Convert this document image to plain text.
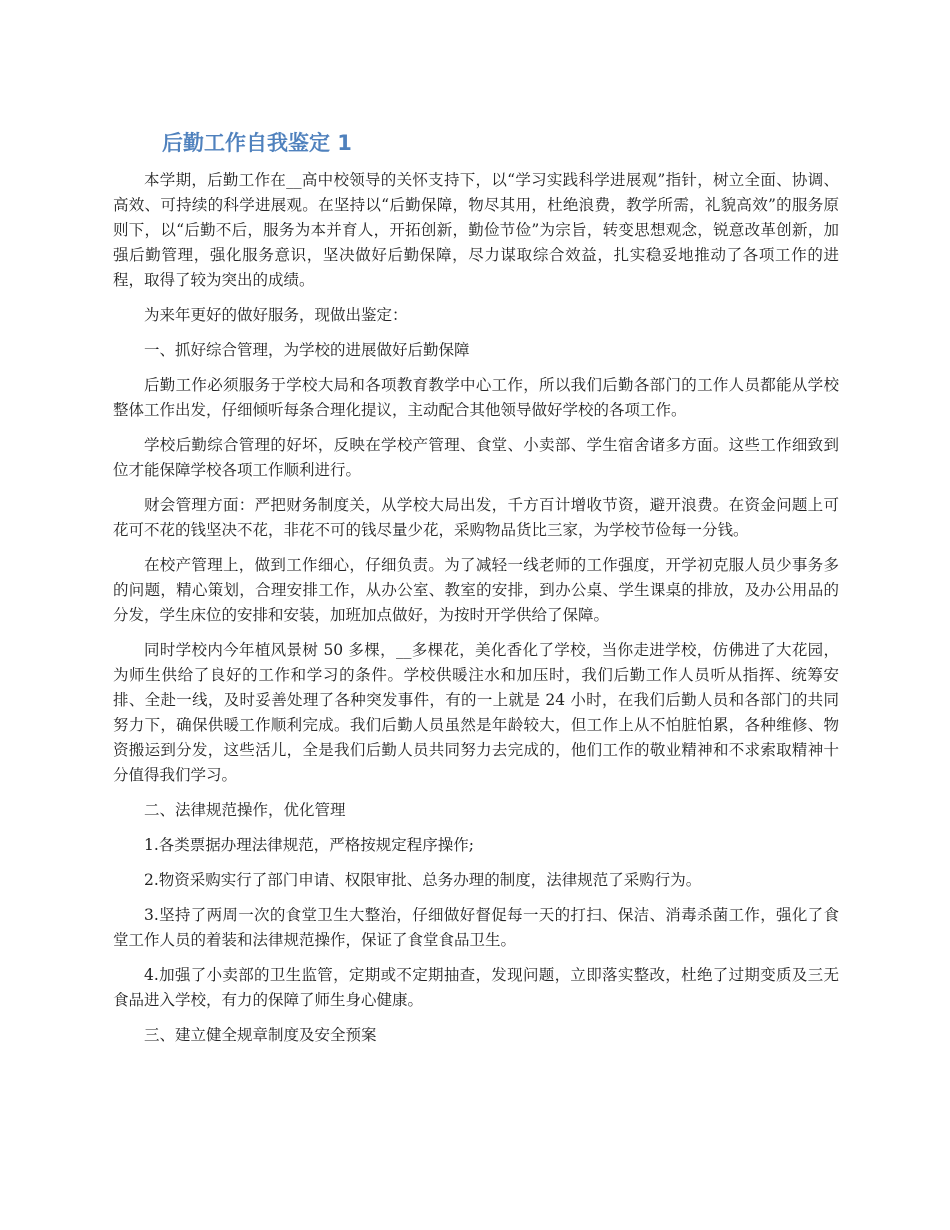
后勤工作自我鉴定 1

本学期，后勤工作在__高中校领导的关怀支持下，以“学习实践科学进展观”指针，树立全面、协调、高效、可持续的科学进展观。在坚持以“后勤保障，物尽其用，杜绝浪费，教学所需，礼貌高效”的服务原则下，以“后勤不后，服务为本并育人，开拓创新，勤俭节俭”为宗旨，转变思想观念，锐意改革创新，加强后勤管理，强化服务意识，坚决做好后勤保障，尽力谋取综合效益，扎实稳妥地推动了各项工作的进程，取得了较为突出的成绩。

为来年更好的做好服务，现做出鉴定：

一、抓好综合管理，为学校的进展做好后勤保障

后勤工作必须服务于学校大局和各项教育教学中心工作，所以我们后勤各部门的工作人员都能从学校整体工作出发，仔细倾听每条合理化提议，主动配合其他领导做好学校的各项工作。

学校后勤综合管理的好坏，反映在学校产管理、食堂、小卖部、学生宿舍诸多方面。这些工作细致到位才能保障学校各项工作顺利进行。

财会管理方面：严把财务制度关，从学校大局出发，千方百计增收节资，避开浪费。在资金问题上可花可不花的钱坚决不花，非花不可的钱尽量少花，采购物品货比三家，为学校节俭每一分钱。

在校产管理上，做到工作细心，仔细负责。为了减轻一线老师的工作强度，开学初克服人员少事务多的问题，精心策划，合理安排工作，从办公室、教室的安排，到办公桌、学生课桌的排放，及办公用品的分发，学生床位的安排和安装，加班加点做好，为按时开学供给了保障。

同时学校内今年植风景树 50 多棵，__多棵花，美化香化了学校，当你走进学校，仿佛进了大花园，为师生供给了良好的工作和学习的条件。学校供暖注水和加压时，我们后勤工作人员听从指挥、统筹安排、全赴一线，及时妥善处理了各种突发事件，有的一上就是 24 小时，在我们后勤人员和各部门的共同努力下，确保供暖工作顺利完成。我们后勤人员虽然是年龄较大，但工作上从不怕脏怕累，各种维修、物资搬运到分发，这些活儿，全是我们后勤人员共同努力去完成的，他们工作的敬业精神和不求索取精神十分值得我们学习。

二、法律规范操作，优化管理

1.各类票据办理法律规范，严格按规定程序操作;

2.物资采购实行了部门申请、权限审批、总务办理的制度，法律规范了采购行为。

3.坚持了两周一次的食堂卫生大整治，仔细做好督促每一天的打扫、保洁、消毒杀菌工作，强化了食堂工作人员的着装和法律规范操作，保证了食堂食品卫生。

4.加强了小卖部的卫生监管，定期或不定期抽查，发现问题，立即落实整改，杜绝了过期变质及三无食品进入学校，有力的保障了师生身心健康。

三、建立健全规章制度及安全预案
